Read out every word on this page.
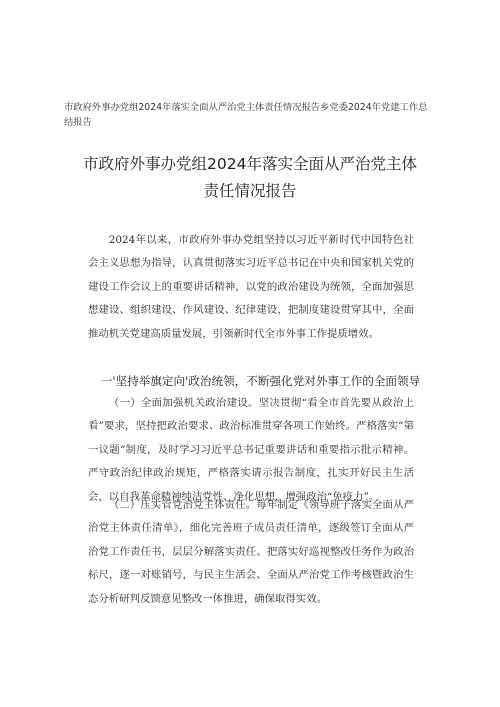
市政府外事办党组2024年落实全面从严治党主体责任情况报告乡党委2024年党建工作总结报告
市政府外事办党组2024年落实全面从严治党主体责任情况报告

2024年以来，市政府外事办党组坚持以习近平新时代中国特色社会主义思想为指导，认真贯彻落实习近平总书记在中央和国家机关党的建设工作会议上的重要讲话精神，以党的政治建设为统领，全面加强思想建设、组织建设、作风建设、纪律建设，把制度建设贯穿其中，全面推动机关党建高质量发展，引领新时代全市外事工作提质增效。

一'坚持举旗定向'政治统领，不断强化党对外事工作的全面领导

（一）全面加强机关政治建设。坚决贯彻“看全市首先要从政治上看”要求，坚持把政治要求、政治标准贯穿各项工作始终。严格落实“第一议题”制度，及时学习习近平总书记重要讲话和重要指示批示精神。严守政治纪律政治规矩，严格落实请示报告制度，扎实开好民主生活会，以自我革命精神纯洁党性、净化思想，增强政治“免疫力”。

（二）压实管党治党主体责任。每年制定《领导班子落实全面从严治党主体责任清单》，细化完善班子成员责任清单，逐级签订全面从严治党工作责任书，层层分解落实责任。把落实好巡视整改任务作为政治标尺，逐一对账销号，与民主生活会、全面从严治党工作考核暨政治生态分析研判反馈意见整改一体推进，确保取得实效。
